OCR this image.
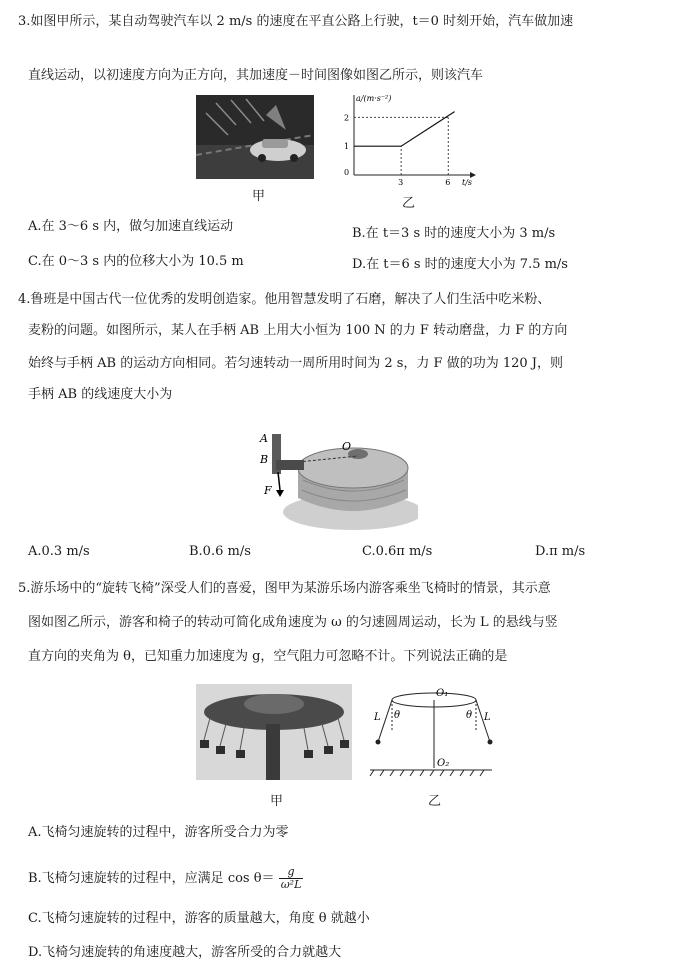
3.如图甲所示，某自动驾驶汽车以 2 m/s 的速度在平直公路上行驶，t＝0 时刻开始，汽车做加速
直线运动，以初速度方向为正方向，其加速度－时间图像如图乙所示，则该汽车
甲
a/(m·s⁻²)
t/s
0
3	6
1
2
乙
A.在 3～6 s 内，做匀加速直线运动	B.在 t＝3 s 时的速度大小为 3 m/s
C.在 0～3 s 内的位移大小为 10.5 m	D.在 t＝6 s 时的速度大小为 7.5 m/s
4.鲁班是中国古代一位优秀的发明创造家。他用智慧发明了石磨，解决了人们生活中吃米粉、
麦粉的问题。如图所示，某人在手柄 AB 上用大小恒为 100 N 的力 F 转动磨盘，力 F 的方向
始终与手柄 AB 的运动方向相同。若匀速转动一周所用时间为 2 s，力 F 做的功为 120 J，则
手柄 AB 的线速度大小为
A
B
F
O
A.0.3 m/s	B.0.6 m/s	C.0.6π m/s	D.π m/s
5.游乐场中的“旋转飞椅”深受人们的喜爱，图甲为某游乐场内游客乘坐飞椅时的情景，其示意
图如图乙所示，游客和椅子的转动可简化成角速度为 ω 的匀速圆周运动，长为 L 的悬线与竖
直方向的夹角为 θ，已知重力加速度为 g，空气阻力可忽略不计。下列说法正确的是
甲
O₁
O₂
L	L
θ	θ
乙
A.飞椅匀速旋转的过程中，游客所受合力为零
B.飞椅匀速旋转的过程中，应满足 $\cos \theta= \frac{g}{\text{ω²L}}$
C.飞椅匀速旋转的过程中，游客的质量越大，角度 θ 就越小
D.飞椅匀速旋转的角速度越大，游客所受的合力就越大
